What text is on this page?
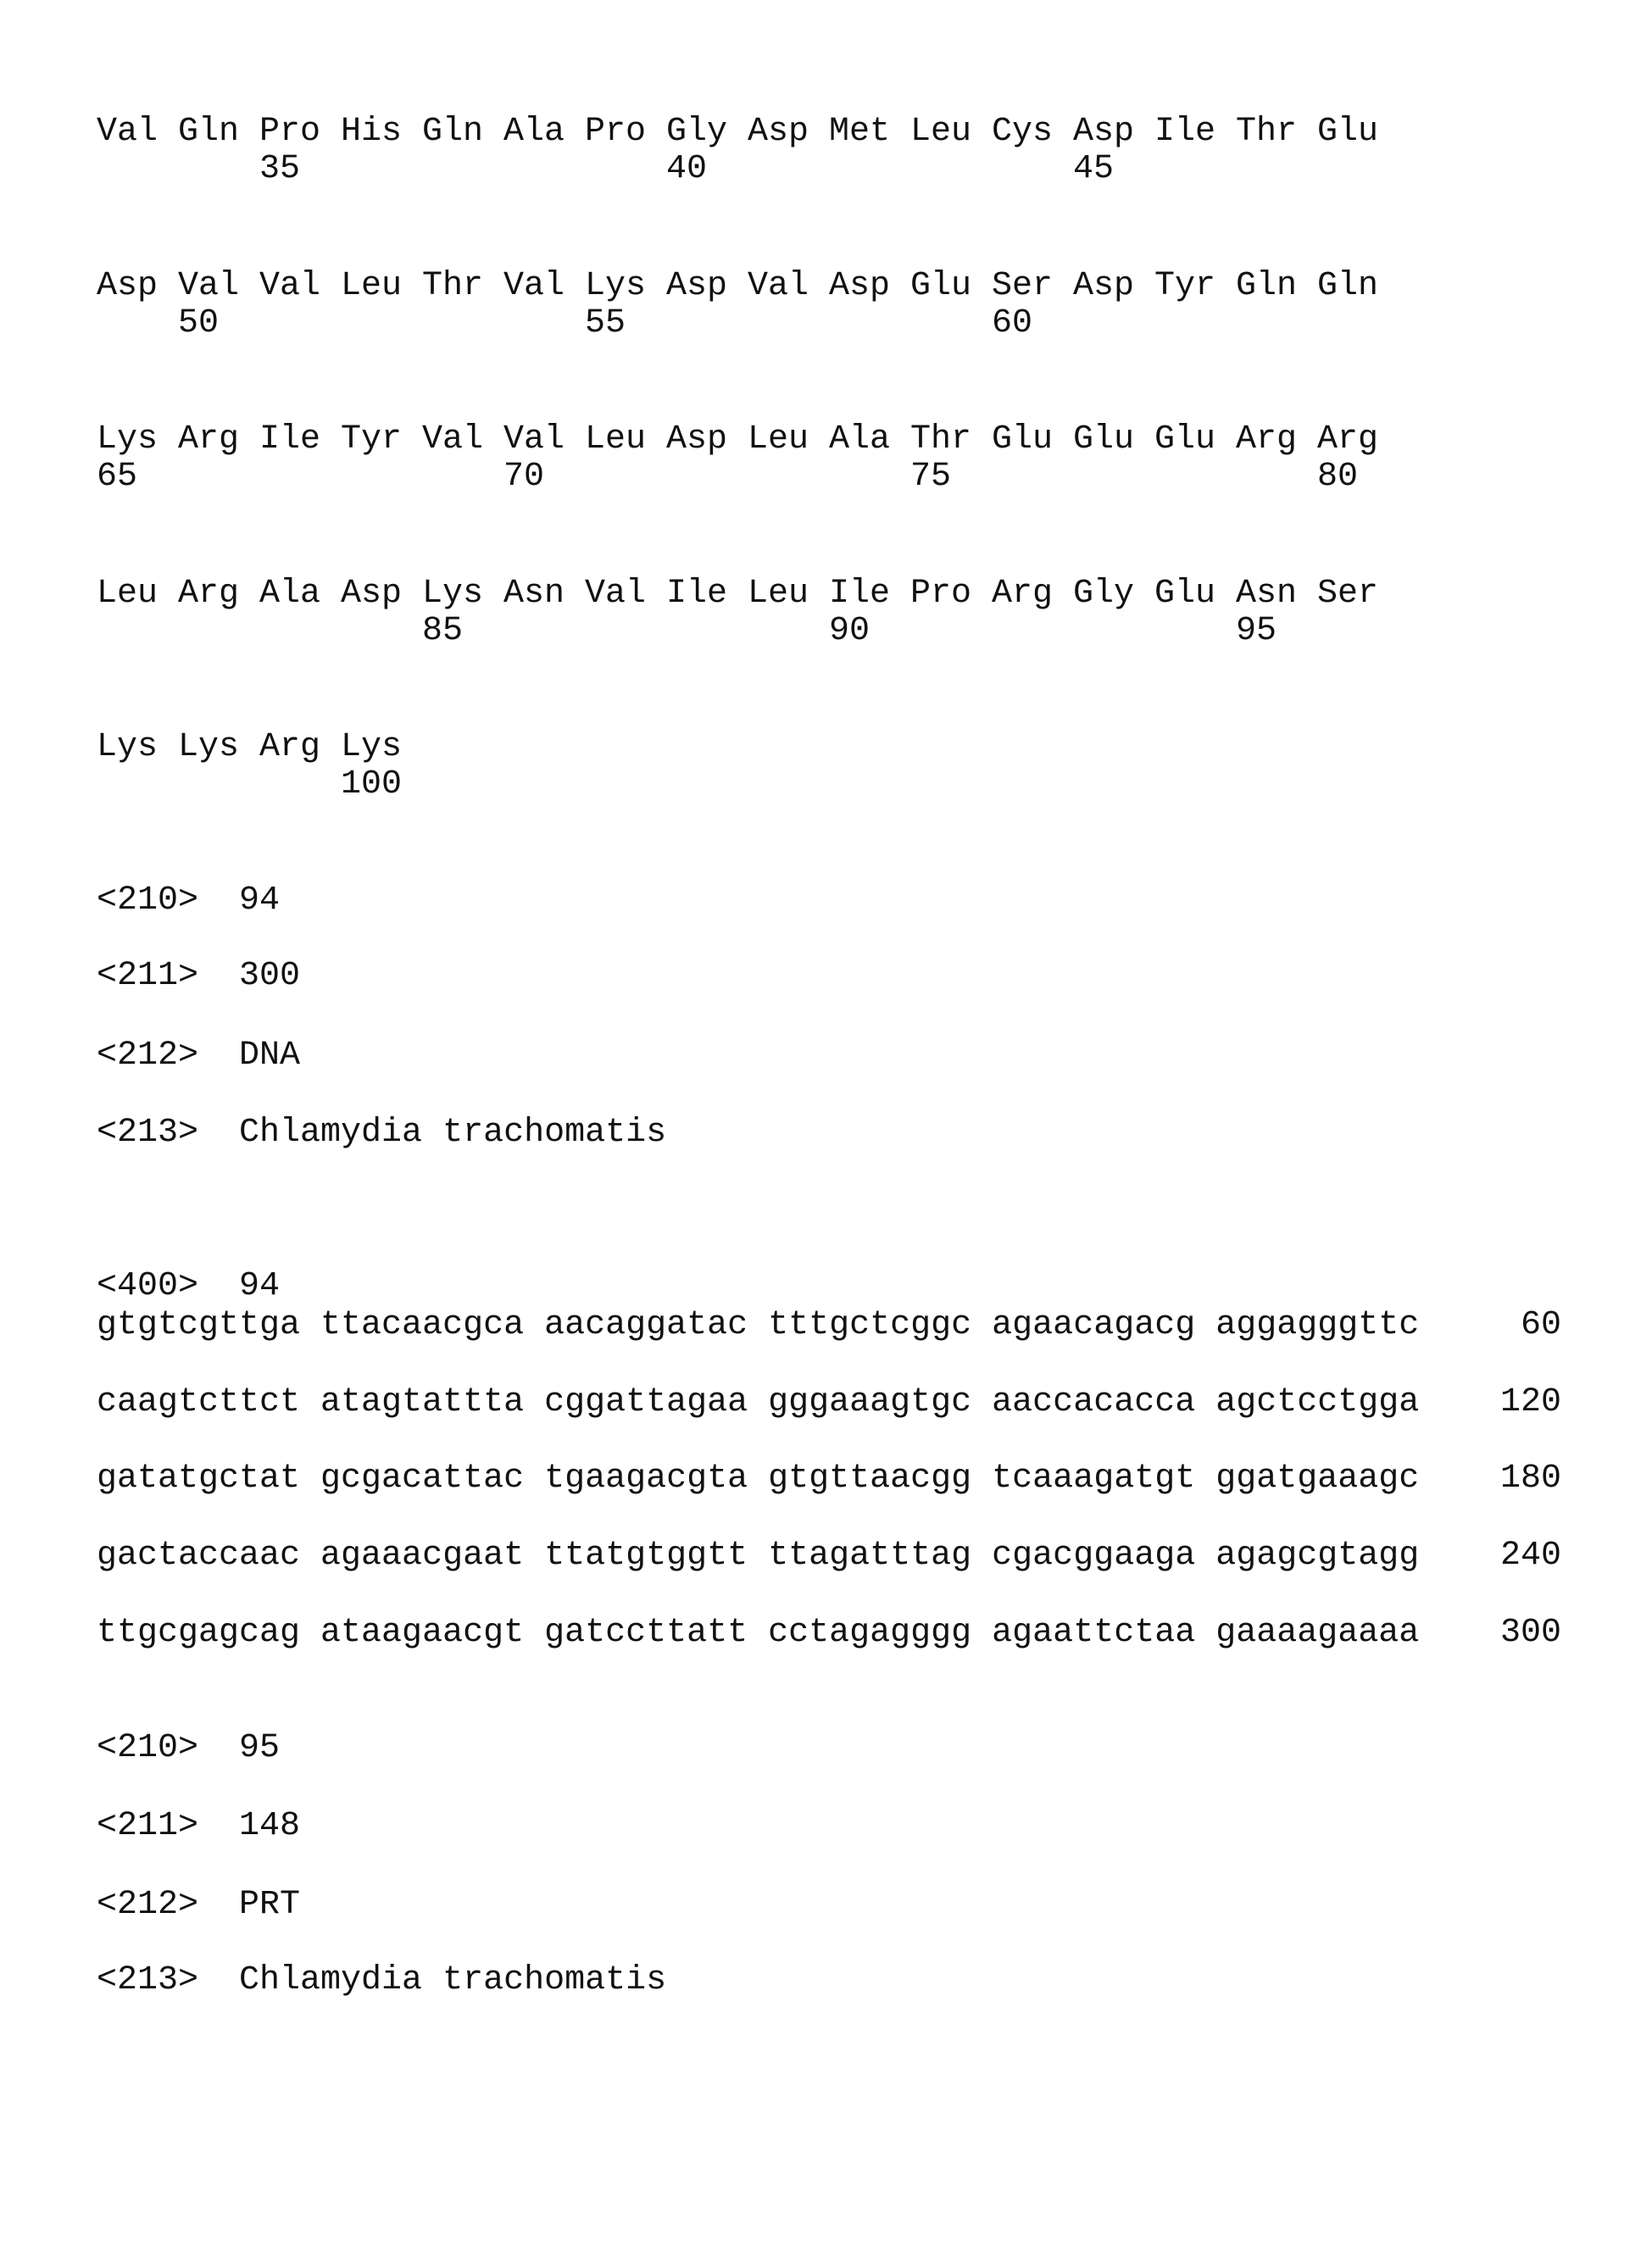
Val Gln Pro His Gln Ala Pro Gly Asp Met Leu Cys Asp Ile Thr Glu
35	40	45
Asp Val Val Leu Thr Val Lys Asp Val Asp Glu Ser Asp Tyr Gln Gln
50	55	60
Lys Arg Ile Tyr Val Val Leu Asp Leu Ala Thr Glu Glu Glu Arg Arg
65	70	75	80
Leu Arg Ala Asp Lys Asn Val Ile Leu Ile Pro Arg Gly Glu Asn Ser
85	90	95
Lys Lys Arg Lys
100
<210>  94
<211>  300
<212>  DNA
<213>  Chlamydia trachomatis
<400>  94
gtgtcgttga ttacaacgca aacaggatac tttgctcggc agaacagacg aggagggttc	60
caagtcttct atagtattta cggattagaa gggaaagtgc aaccacacca agctcctgga	120
gatatgctat gcgacattac tgaagacgta gtgttaacgg tcaaagatgt ggatgaaagc	180
gactaccaac agaaacgaat ttatgtggtt ttagatttag cgacggaaga agagcgtagg	240
ttgcgagcag ataagaacgt gatccttatt cctagagggg agaattctaa gaaaagaaaa	300
<210>  95
<211>  148
<212>  PRT
<213>  Chlamydia trachomatis
